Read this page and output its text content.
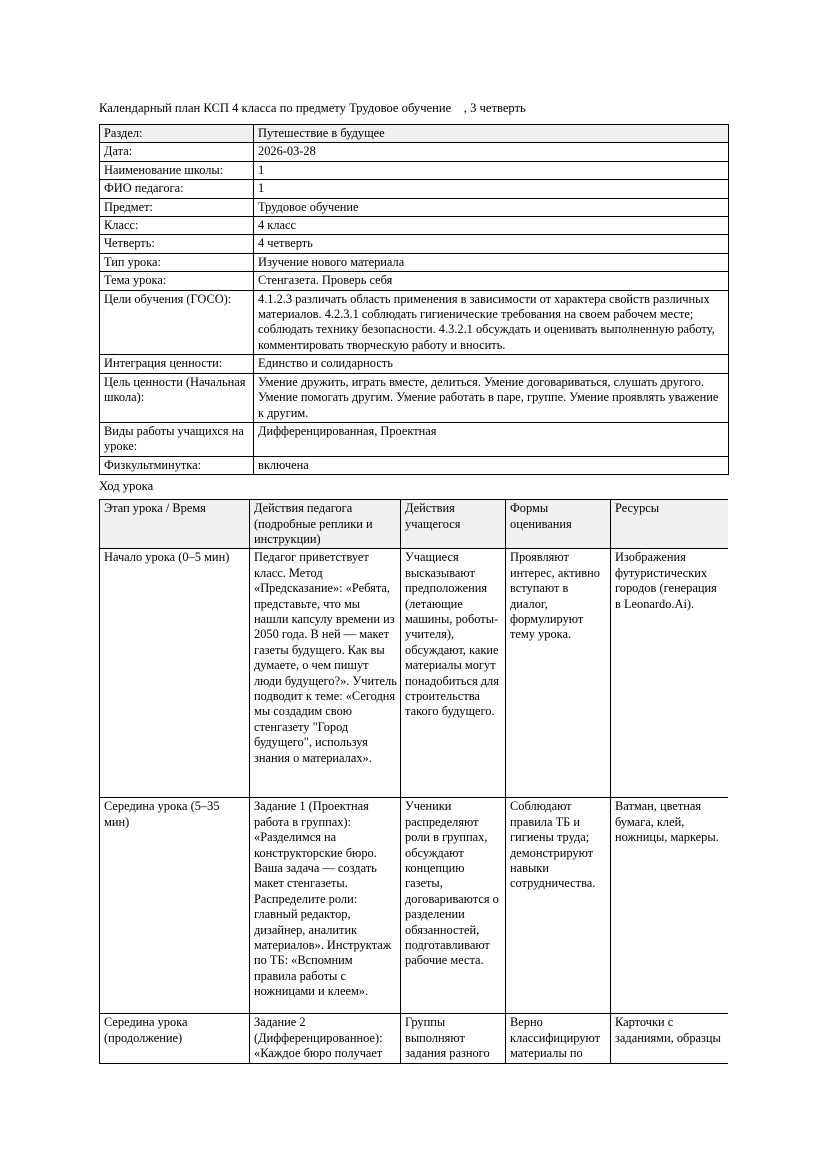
Календарный план КСП 4 класса по предмету Трудовое обучение    , 3 четверть
Раздел:	Путешествие в будущее
Дата:	2026-03-28
Наименование школы:	1
ФИО педагога:	1
Предмет:	Трудовое обучение
Класс:	4 класс
Четверть:	4 четверть
Тип урока:	Изучение нового материала
Тема урока:	Стенгазета. Проверь себя
Цели обучения (ГОСО):	4.1.2.3 различать область применения в зависимости от характера свойств различных материалов. 4.2.3.1 соблюдать гигиенические требования на своем рабочем месте; соблюдать технику безопасности. 4.3.2.1 обсуждать и оценивать выполненную работу, комментировать творческую работу и вносить.
Интеграция ценности:	Единство и солидарность
Цель ценности (Начальная школа):	Умение дружить, играть вместе, делиться. Умение договариваться, слушать другого. Умение помогать другим. Умение работать в паре, группе. Умение проявлять уважение к другим.
Виды работы учащихся на уроке:	Дифференцированная, Проектная
Физкультминутка:	включена
Ход урока
Этап урока / Время	Действия педагога (подробные реплики и инструкции)	Действия учащегося	Формы оценивания	Ресурсы
Начало урока (0–5 мин)	Педагог приветствует класс. Метод «Предсказание»: «Ребята, представьте, что мы нашли капсулу времени из 2050 года. В ней — макет газеты будущего. Как вы думаете, о чем пишут люди будущего?». Учитель подводит к теме: «Сегодня мы создадим свою стенгазету "Город будущего", используя знания о материалах».	Учащиеся высказывают предположения (летающие машины, роботы-учителя), обсуждают, какие материалы могут понадобиться для строительства такого будущего.	Проявляют интерес, активно вступают в диалог, формулируют тему урока.	Изображения футуристических городов (генерация в Leonardo.Ai).
Середина урока (5–35 мин)	Задание 1 (Проектная работа в группах): «Разделимся на конструкторские бюро. Ваша задача — создать макет стенгазеты. Распределите роли: главный редактор, дизайнер, аналитик материалов». Инструктаж по ТБ: «Вспомним правила работы с ножницами и клеем».	Ученики распределяют роли в группах, обсуждают концепцию газеты, договариваются о разделении обязанностей, подготавливают рабочие места.	Соблюдают правила ТБ и гигиены труда; демонстрируют навыки сотрудничества.	Ватман, цветная бумага, клей, ножницы, маркеры.
Середина урока (продолжение)	Задание 2 (Дифференцированное): «Каждое бюро получает	Группы выполняют задания разного	Верно классифицируют материалы по	Карточки с заданиями, образцы
